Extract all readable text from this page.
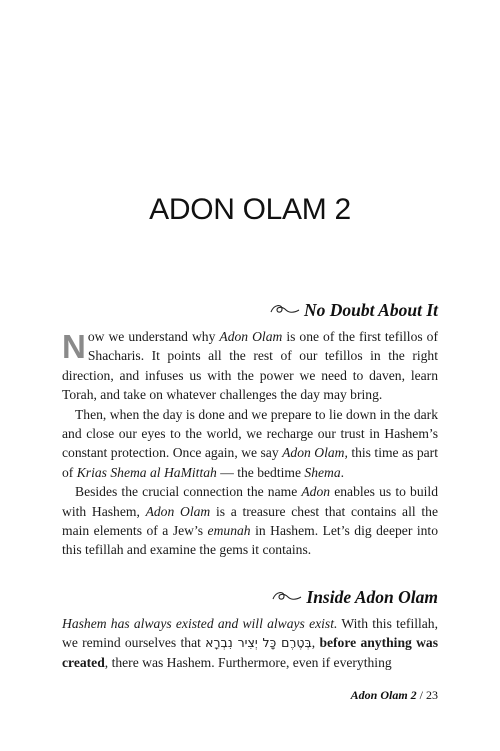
ADON OLAM 2
No Doubt About It

Now we understand why Adon Olam is one of the first tefillos of Shacharis. It points all the rest of our tefillos in the right direction, and infuses us with the power we need to daven, learn Torah, and take on whatever challenges the day may bring.

Then, when the day is done and we prepare to lie down in the dark and close our eyes to the world, we recharge our trust in Hashem’s constant protection. Once again, we say Adon Olam, this time as part of Krias Shema al HaMittah — the bedtime Shema.

Besides the crucial connection the name Adon enables us to build with Hashem, Adon Olam is a treasure chest that contains all the main elements of a Jew’s emunah in Hashem. Let’s dig deeper into this tefillah and examine the gems it contains.

Inside Adon Olam

Hashem has always existed and will always exist. With this tefillah, we remind ourselves that בְּטֶרֶם כָּל יְצִיר נִבְרָא, before anything was created, there was Hashem. Furthermore, even if everything

Adon Olam 2 / 23
